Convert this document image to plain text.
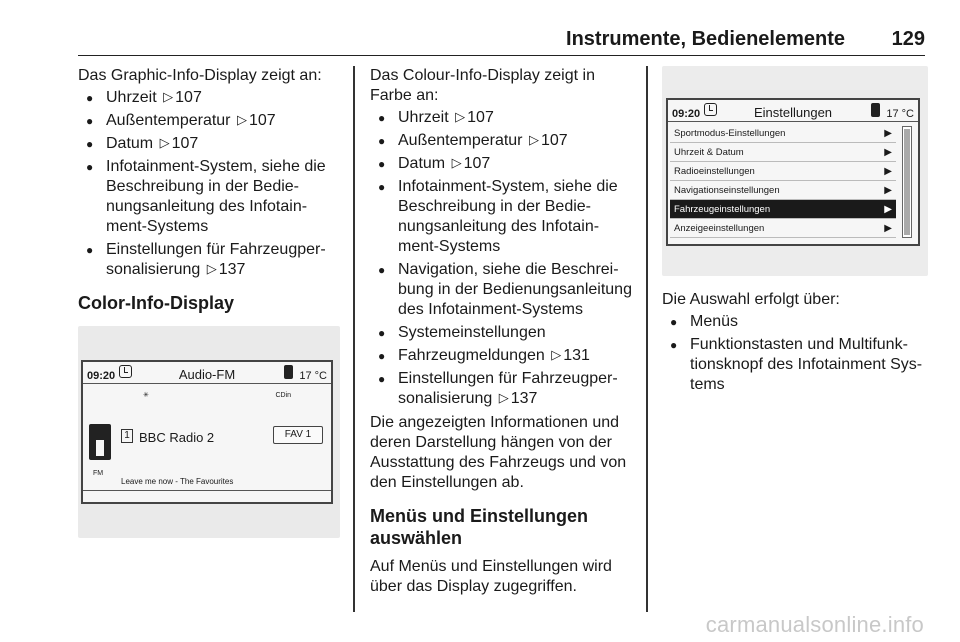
Instrumente, Bedienelemente 129

Das Graphic-Info-Display zeigt an:

● Uhrzeit ▷ 107
● Außentemperatur ▷ 107
● Datum ▷ 107
● Infotainment-System, siehe die Beschreibung in der Bedie-nungsanleitung des Infotain-ment-Systems
● Einstellungen für Fahrzeugper-sonalisierung ▷ 137
Color-Info-Display
09:20	Audio-FM	17 °C
✳	CDin
FM
1 BBC Radio 2	FAV 1
Leave me now - The Favourites

Das Colour-Info-Display zeigt in Farbe an:

● Uhrzeit ▷ 107
● Außentemperatur ▷ 107
● Datum ▷ 107
● Infotainment-System, siehe die Beschreibung in der Bedie-nungsanleitung des Infotain-ment-Systems
● Navigation, siehe die Beschrei-bung in der Bedienungsanleitung des Infotainment-Systems
● Systemeinstellungen
● Fahrzeugmeldungen ▷ 131
● Einstellungen für Fahrzeugper-sonalisierung ▷ 137

Die angezeigten Informationen und deren Darstellung hängen von der Ausstattung des Fahrzeugs und von den Einstellungen ab.

Menüs und Einstellungen auswählen

Auf Menüs und Einstellungen wird über das Display zugegriffen.

09:20	Einstellungen	17 °C
Sportmodus-Einstellungen	▶
Uhrzeit & Datum	▶
Radioeinstellungen	▶
Navigationseinstellungen	▶
Fahrzeugeinstellungen	▶
Anzeigeeinstellungen	▶

Die Auswahl erfolgt über:

● Menüs
● Funktionstasten und Multifunk-tionsknopf des Infotainment Sys-tems
carmanualsonline.info
